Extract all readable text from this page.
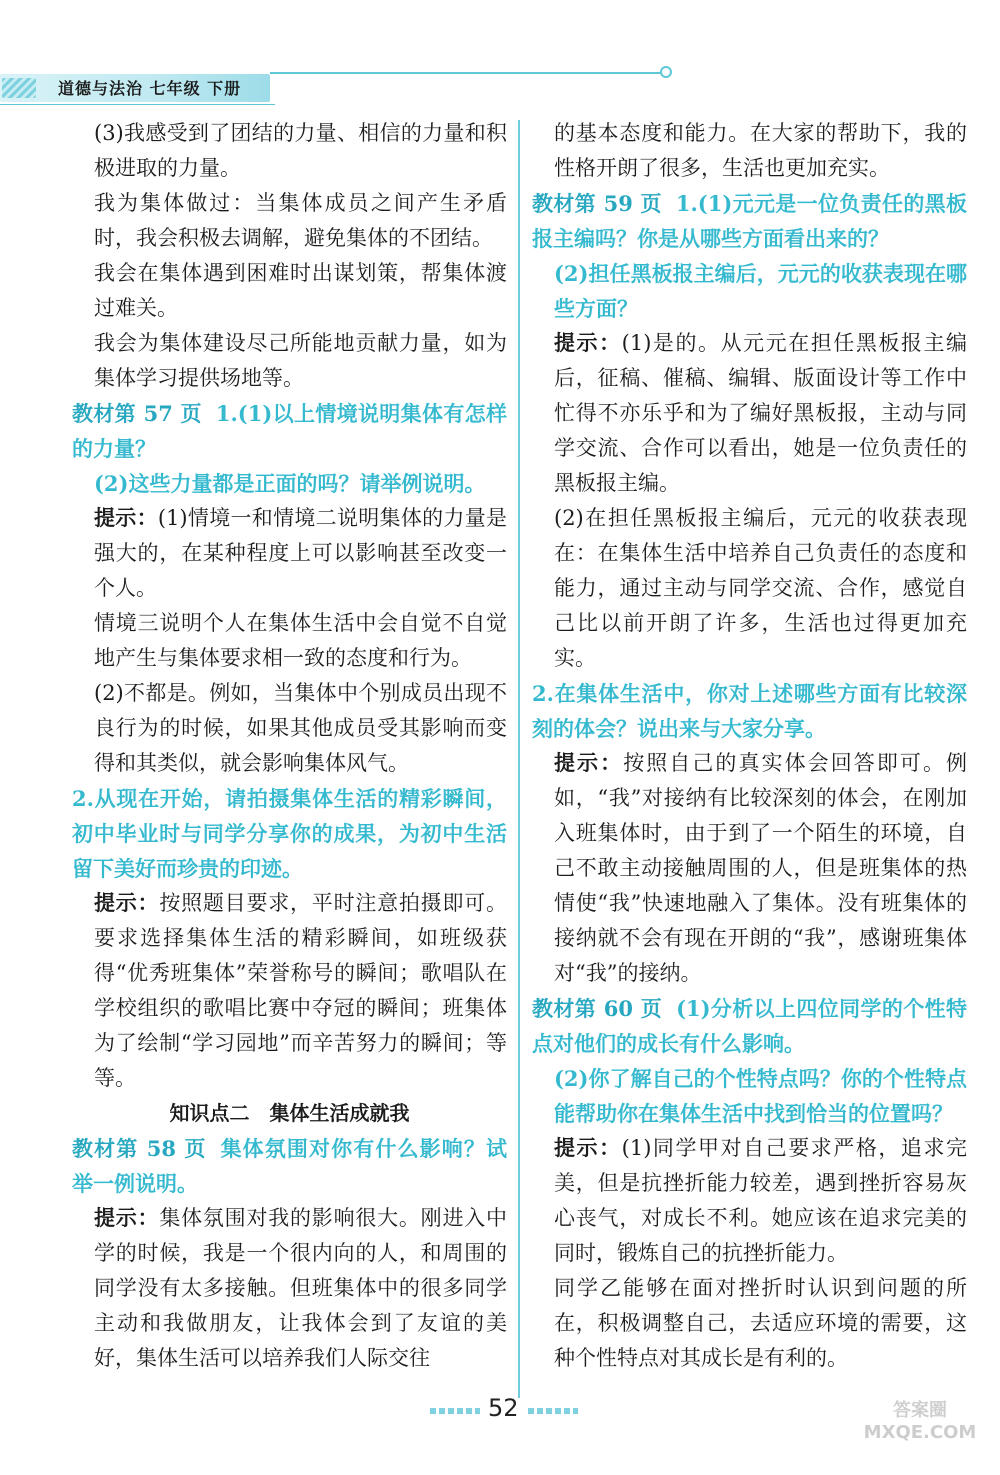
道德与法治 七年级 下册

(3)我感受到了团结的力量、相信的力量和积极进取的力量。

我为集体做过：当集体成员之间产生矛盾时，我会积极去调解，避免集体的不团结。

我会在集体遇到困难时出谋划策，帮集体渡过难关。

我会为集体建设尽己所能地贡献力量，如为集体学习提供场地等。

教材第 57 页 1.(1)以上情境说明集体有怎样的力量？

(2)这些力量都是正面的吗？请举例说明。

提示：(1)情境一和情境二说明集体的力量是强大的，在某种程度上可以影响甚至改变一个人。

情境三说明个人在集体生活中会自觉不自觉地产生与集体要求相一致的态度和行为。

(2)不都是。例如，当集体中个别成员出现不良行为的时候，如果其他成员受其影响而变得和其类似，就会影响集体风气。

2.从现在开始，请拍摄集体生活的精彩瞬间，初中毕业时与同学分享你的成果，为初中生活留下美好而珍贵的印迹。

提示：按照题目要求，平时注意拍摄即可。要求选择集体生活的精彩瞬间，如班级获得“优秀班集体”荣誉称号的瞬间；歌唱队在学校组织的歌唱比赛中夺冠的瞬间；班集体为了绘制“学习园地”而辛苦努力的瞬间；等等。

知识点二 集体生活成就我

教材第 58 页 集体氛围对你有什么影响？试举一例说明。

提示：集体氛围对我的影响很大。刚进入中学的时候，我是一个很内向的人，和周围的同学没有太多接触。但班集体中的很多同学主动和我做朋友，让我体会到了友谊的美好，集体生活可以培养我们人际交往

的基本态度和能力。在大家的帮助下，我的性格开朗了很多，生活也更加充实。

教材第 59 页 1.(1)元元是一位负责任的黑板报主编吗？你是从哪些方面看出来的？

(2)担任黑板报主编后，元元的收获表现在哪些方面？

提示：(1)是的。从元元在担任黑板报主编后，征稿、催稿、编辑、版面设计等工作中忙得不亦乐乎和为了编好黑板报，主动与同学交流、合作可以看出，她是一位负责任的黑板报主编。

(2)在担任黑板报主编后，元元的收获表现在：在集体生活中培养自己负责任的态度和能力，通过主动与同学交流、合作，感觉自己比以前开朗了许多，生活也过得更加充实。

2.在集体生活中，你对上述哪些方面有比较深刻的体会？说出来与大家分享。

提示：按照自己的真实体会回答即可。例如，“我”对接纳有比较深刻的体会，在刚加入班集体时，由于到了一个陌生的环境，自己不敢主动接触周围的人，但是班集体的热情使“我”快速地融入了集体。没有班集体的接纳就不会有现在开朗的“我”，感谢班集体对“我”的接纳。

教材第 60 页 (1)分析以上四位同学的个性特点对他们的成长有什么影响。

(2)你了解自己的个性特点吗？你的个性特点能帮助你在集体生活中找到恰当的位置吗？

提示：(1)同学甲对自己要求严格，追求完美，但是抗挫折能力较差，遇到挫折容易灰心丧气，对成长不利。她应该在追求完美的同时，锻炼自己的抗挫折能力。

同学乙能够在面对挫折时认识到问题的所在，积极调整自己，去适应环境的需要，这种个性特点对其成长是有利的。

52	答案圈 MXQE.COM
